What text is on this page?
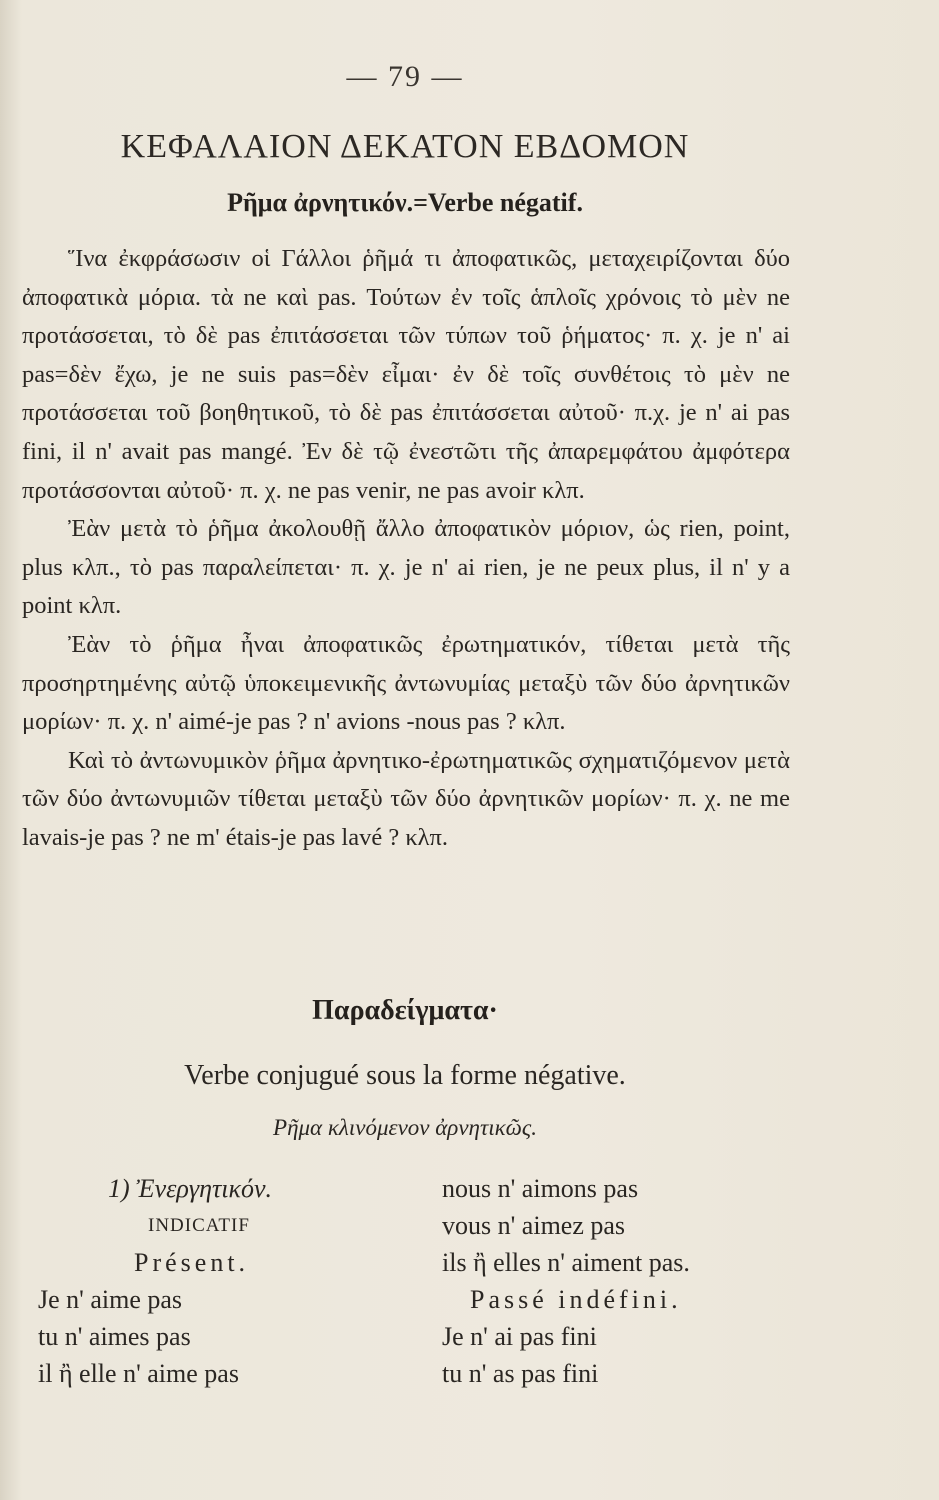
— 79 —
ΚΕΦΑΛΑΙΟΝ ΔΕΚΑΤΟΝ ΕΒΔΟΜΟΝ
Ρῆμα ἀρνητικόν.=Verbe négatif.

Ἵνα ἐκφράσωσιν οἱ Γάλλοι ῥῆμά τι ἀποφατικῶς, μεταχειρίζονται δύο ἀποφατικὰ μόρια. τὰ ne καὶ pas. Τούτων ἐν τοῖς ἁπλοῖς χρόνοις τὸ μὲν ne προτάσσεται, τὸ δὲ pas ἐπιτάσσεται τῶν τύπων τοῦ ῥήματος· π. χ. je n' ai pas=δὲν ἔχω, je ne suis pas=δὲν εἶμαι· ἐν δὲ τοῖς συνθέτοις τὸ μὲν ne προτάσσεται τοῦ βοηθητικοῦ, τὸ δὲ pas ἐπιτάσσεται αὐτοῦ· π.χ. je n' ai pas fini, il n' avait pas mangé. Ἐν δὲ τῷ ἐνεστῶτι τῆς ἀπαρεμφάτου ἀμφότερα προτάσσονται αὐτοῦ· π. χ. ne pas venir, ne pas avoir κλπ.

Ἐὰν μετὰ τὸ ῥῆμα ἀκολουθῇ ἄλλο ἀποφατικὸν μόριον, ὡς rien, point, plus κλπ., τὸ pas παραλείπεται· π. χ. je n' ai rien, je ne peux plus, il n' y a point κλπ.

Ἐὰν τὸ ῥῆμα ἦναι ἀποφατικῶς ἐρωτηματικόν, τίθεται μετὰ τῆς προσηρτημένης αὐτῷ ὑποκειμενικῆς ἀντωνυμίας μεταξὺ τῶν δύο ἀρνητικῶν μορίων· π. χ. n' aimé-je pas ? n' avions -nous pas ? κλπ.

Καὶ τὸ ἀντωνυμικὸν ῥῆμα ἀρνητικο-ἐρωτηματικῶς σχηματιζόμενον μετὰ τῶν δύο ἀντωνυμιῶν τίθεται μεταξὺ τῶν δύο ἀρνητικῶν μορίων· π. χ. ne me lavais-je pas ? ne m' étais-je pas lavé ? κλπ.

Παραδείγματα·
Verbe conjugué sous la forme négative.
Ρῆμα κλινόμενον ἀρνητικῶς.
1) Ἐνεργητικόν.
INDICATIF
Présent.
Je n' aime pas
tu n' aimes pas
il ἢ elle n' aime pas
nous n' aimons pas
vous n' aimez pas
ils ἢ elles n' aiment pas.
Passé indéfini.
Je n' ai pas fini
tu n' as pas fini
